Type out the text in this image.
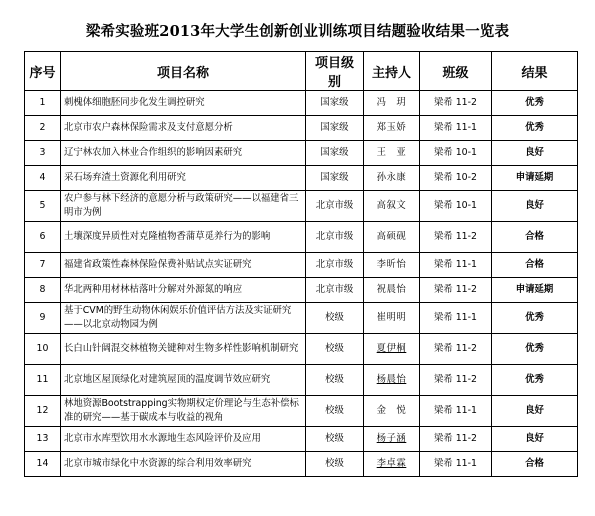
梁希实验班2013年大学生创新创业训练项目结题验收结果一览表
序号	项目名称	项目级别	主持人	班级	结果
1	刺槐体细胞胚同步化发生调控研究	国家级	冯　玥	梁希 11-2	优秀
2	北京市农户森林保险需求及支付意愿分析	国家级	郑玉娇	梁希 11-1	优秀
3	辽宁林农加入林业合作组织的影响因素研究	国家级	王　亚	梁希 10-1	良好
4	采石场弃渣土资源化利用研究	国家级	孙永康	梁希 10-2	申请延期
5	农户参与林下经济的意愿分析与政策研究——以福建省三明市为例	北京市级	高叙文	梁希 10-1	良好
6	土壤深度异质性对克隆植物香蒲草觅养行为的影响	北京市级	高硕砚	梁希 11-2	合格
7	福建省政策性森林保险保费补贴试点实证研究	北京市级	李昕怡	梁希 11-1	合格
8	华北两种用材林枯落叶分解对外源氮的响应	北京市级	祝晨怡	梁希 11-2	申请延期
9	基于CVM的野生动物休闲娱乐价值评估方法及实证研究——以北京动物园为例	校级	崔明明	梁希 11-1	优秀
10	长白山针阔混交林植物关键种对生物多样性影响机制研究	校级	夏伊桐	梁希 11-2	优秀
11	北京地区屋顶绿化对建筑屋顶的温度调节效应研究	校级	杨晨怡	梁希 11-2	优秀
12	林地资源Bootstrapping实物期权定价理论与生态补偿标准的研究——基于碳成本与收益的视角	校级	金　悦	梁希 11-1	良好
13	北京市水库型饮用水水源地生态风险评价及应用	校级	杨子涵	梁希 11-2	良好
14	北京市城市绿化中水资源的综合利用效率研究	校级	李卓霖	梁希 11-1	合格
